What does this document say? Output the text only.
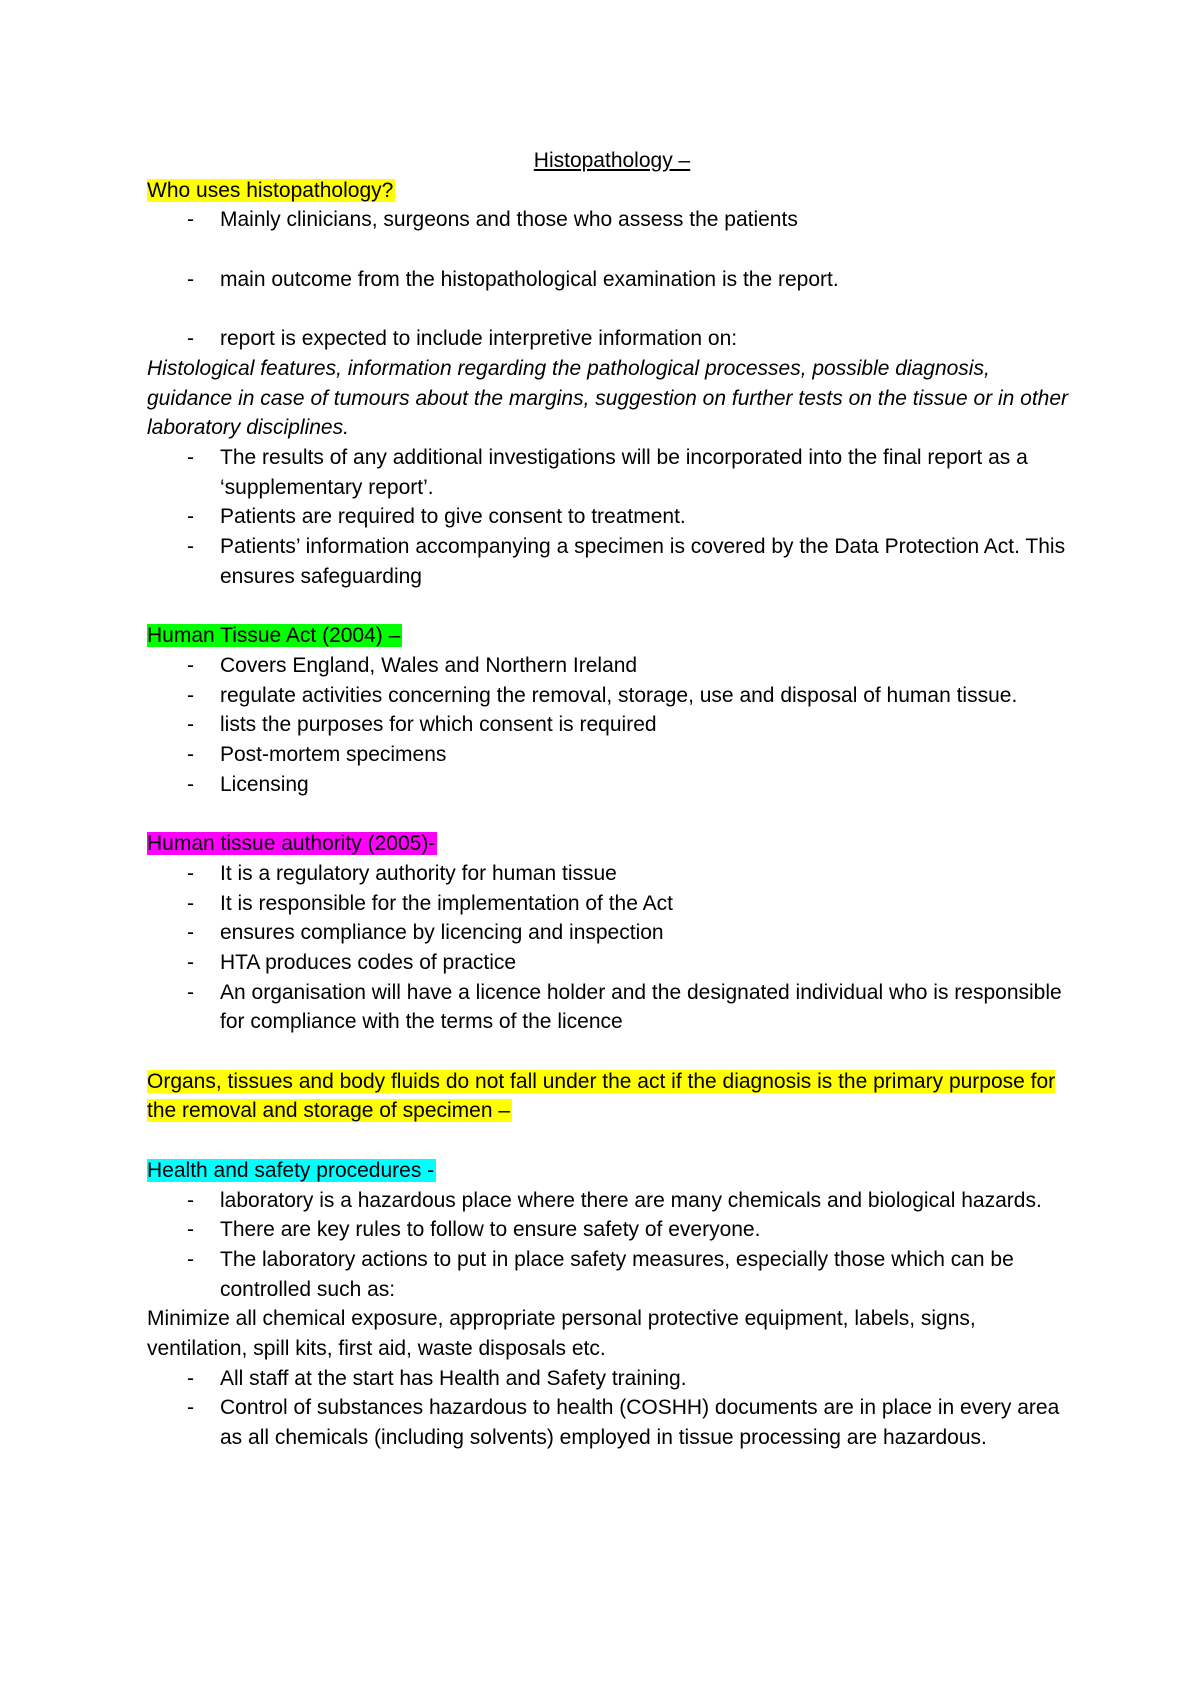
Histopathology –

Who uses histopathology?

- Mainly clinicians, surgeons and those who assess the patients
- main outcome from the histopathological examination is the report.
- report is expected to include interpretive information on:

Histological features, information regarding the pathological processes, possible diagnosis, guidance in case of tumours about the margins, suggestion on further tests on the tissue or in other laboratory disciplines.

- The results of any additional investigations will be incorporated into the final report as a ‘supplementary report’.
- Patients are required to give consent to treatment.
- Patients’ information accompanying a specimen is covered by the Data Protection Act. This ensures safeguarding

Human Tissue Act (2004) –

- Covers England, Wales and Northern Ireland
- regulate activities concerning the removal, storage, use and disposal of human tissue.
- lists the purposes for which consent is required
- Post-mortem specimens
- Licensing

Human tissue authority (2005)-

- It is a regulatory authority for human tissue
- It is responsible for the implementation of the Act
- ensures compliance by licencing and inspection
- HTA produces codes of practice
- An organisation will have a licence holder and the designated individual who is responsible for compliance with the terms of the licence

Organs, tissues and body fluids do not fall under the act if the diagnosis is the primary purpose for the removal and storage of specimen –

Health and safety procedures -

- laboratory is a hazardous place where there are many chemicals and biological hazards.
- There are key rules to follow to ensure safety of everyone.
- The laboratory actions to put in place safety measures, especially those which can be controlled such as:

Minimize all chemical exposure, appropriate personal protective equipment, labels, signs, ventilation, spill kits, first aid, waste disposals etc.

- All staff at the start has Health and Safety training.
- Control of substances hazardous to health (COSHH) documents are in place in every area as all chemicals (including solvents) employed in tissue processing are hazardous.
